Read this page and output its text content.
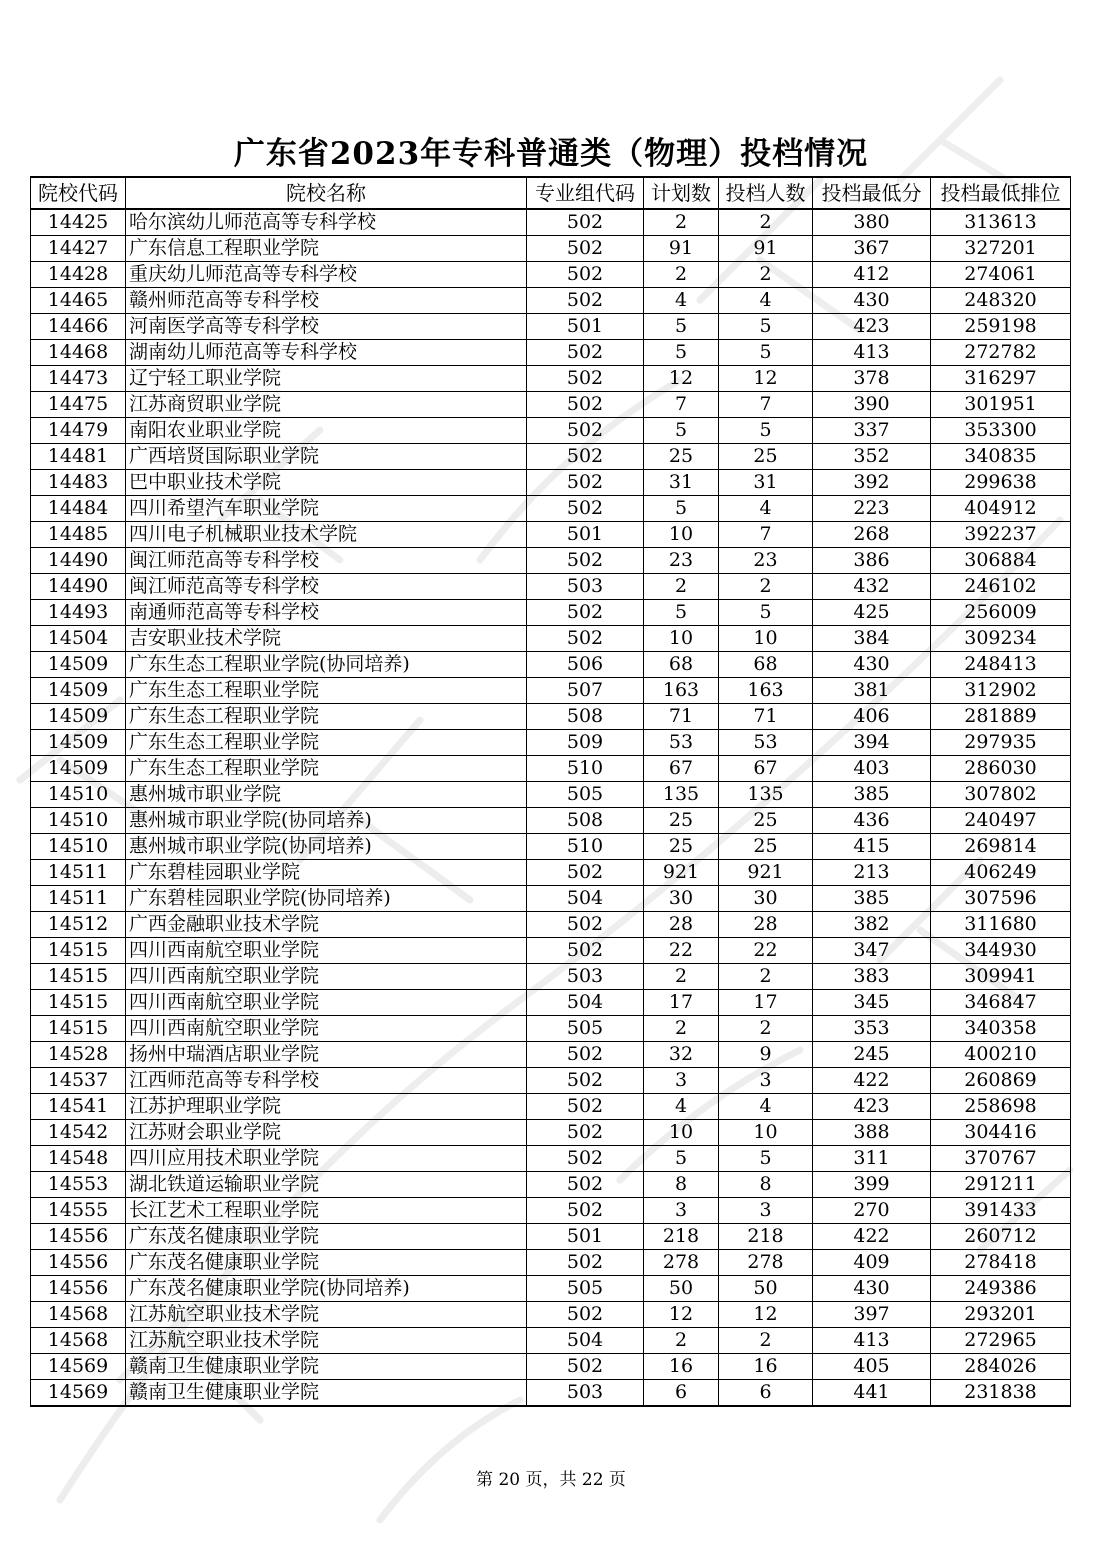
广东省2023年专科普通类（物理）投档情况
院校代码	院校名称	专业组代码	计划数	投档人数	投档最低分	投档最低排位
14425	哈尔滨幼儿师范高等专科学校	502	2	2	380	313613
14427	广东信息工程职业学院	502	91	91	367	327201
14428	重庆幼儿师范高等专科学校	502	2	2	412	274061
14465	赣州师范高等专科学校	502	4	4	430	248320
14466	河南医学高等专科学校	501	5	5	423	259198
14468	湖南幼儿师范高等专科学校	502	5	5	413	272782
14473	辽宁轻工职业学院	502	12	12	378	316297
14475	江苏商贸职业学院	502	7	7	390	301951
14479	南阳农业职业学院	502	5	5	337	353300
14481	广西培贤国际职业学院	502	25	25	352	340835
14483	巴中职业技术学院	502	31	31	392	299638
14484	四川希望汽车职业学院	502	5	4	223	404912
14485	四川电子机械职业技术学院	501	10	7	268	392237
14490	闽江师范高等专科学校	502	23	23	386	306884
14490	闽江师范高等专科学校	503	2	2	432	246102
14493	南通师范高等专科学校	502	5	5	425	256009
14504	吉安职业技术学院	502	10	10	384	309234
14509	广东生态工程职业学院(协同培养)	506	68	68	430	248413
14509	广东生态工程职业学院	507	163	163	381	312902
14509	广东生态工程职业学院	508	71	71	406	281889
14509	广东生态工程职业学院	509	53	53	394	297935
14509	广东生态工程职业学院	510	67	67	403	286030
14510	惠州城市职业学院	505	135	135	385	307802
14510	惠州城市职业学院(协同培养)	508	25	25	436	240497
14510	惠州城市职业学院(协同培养)	510	25	25	415	269814
14511	广东碧桂园职业学院	502	921	921	213	406249
14511	广东碧桂园职业学院(协同培养)	504	30	30	385	307596
14512	广西金融职业技术学院	502	28	28	382	311680
14515	四川西南航空职业学院	502	22	22	347	344930
14515	四川西南航空职业学院	503	2	2	383	309941
14515	四川西南航空职业学院	504	17	17	345	346847
14515	四川西南航空职业学院	505	2	2	353	340358
14528	扬州中瑞酒店职业学院	502	32	9	245	400210
14537	江西师范高等专科学校	502	3	3	422	260869
14541	江苏护理职业学院	502	4	4	423	258698
14542	江苏财会职业学院	502	10	10	388	304416
14548	四川应用技术职业学院	502	5	5	311	370767
14553	湖北铁道运输职业学院	502	8	8	399	291211
14555	长江艺术工程职业学院	502	3	3	270	391433
14556	广东茂名健康职业学院	501	218	218	422	260712
14556	广东茂名健康职业学院	502	278	278	409	278418
14556	广东茂名健康职业学院(协同培养)	505	50	50	430	249386
14568	江苏航空职业技术学院	502	12	12	397	293201
14568	江苏航空职业技术学院	504	2	2	413	272965
14569	赣南卫生健康职业学院	502	16	16	405	284026
14569	赣南卫生健康职业学院	503	6	6	441	231838
第 20 页，共 22 页
